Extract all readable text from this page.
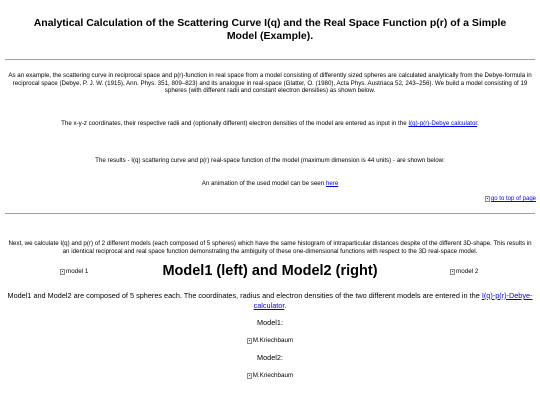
Analytical Calculation of the Scattering Curve I(q) and the Real Space Function p(r) of a Simple Model (Example).
As an example, the scattering curve in reciprocal space and p(r)-function in real space from a model consisting of differently sized spheres are calculated analytically from the Debye-formula in reciprocal space (Debye, P. J. W. (1915), Ann. Phys. 351, 809–823) and its analogue in real-space (Glatter, O. (1980), Acta Phys. Austriaca 52, 243–256). We build a model consisting of 19 spheres (with different radii and constant electron densities) as shown below.
The x-y-z coordinates, their respective radii and (optionally different) electron densities of the model are entered as input in the I(q)-p(r)-Debye calculator.
The results - I(q) scattering curve and p(r) real-space function of the model (maximum dimension is 44 units) - are shown below:
An animation of the used model can be seen here
go to top of page
Next, we calculate I(q) and p(r) of 2 different models (each composed of 5 spheres) which have the same histogram of intraparticular distances despite of the different 3D-shape. This results in an identical reciprocal and real space function demonstrating the ambiguity of these one-dimensional functions with respect to the 3D real-space model.
model 1	Model1 (left) and Model2 (right)	model 2
Model1 and Model2 are composed of 5 spheres each. The coordinates, radius and electron densities of the two different models are entered in the I(q)-p(r)-Debye-calculator.
Model1:
M.Kriechbaum
Model2:
M.Kriechbaum
